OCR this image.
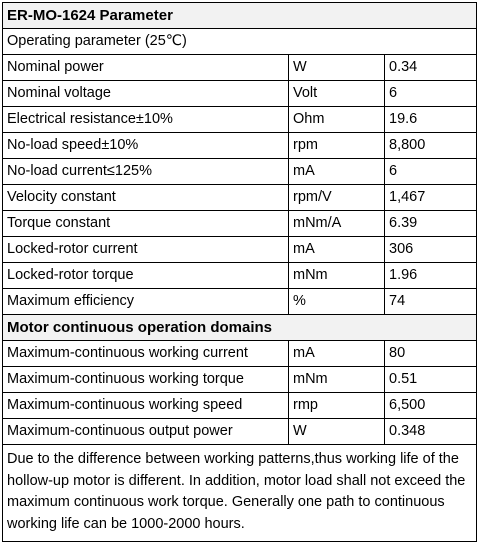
ER-MO-1624 Parameter		
Operating parameter (25℃)		
Nominal power	W	0.34
Nominal voltage	Volt	6
Electrical resistance±10%	Ohm	19.6
No-load speed±10%	rpm	8,800
No-load current≤125%	mA	6
Velocity constant	rpm/V	1,467
Torque constant	mNm/A	6.39
Locked-rotor current	mA	306
Locked-rotor torque	mNm	1.96
Maximum efficiency	%	74
Motor continuous operation domains		
Maximum-continuous working current	mA	80
Maximum-continuous working torque	mNm	0.51
Maximum-continuous working speed	rmp	6,500
Maximum-continuous output power	W	0.348
Due to the difference between working patterns,thus working life of the hollow-up motor is different. In addition, motor load shall not exceed the maximum continuous work torque. Generally one path to continuous working life can be 1000-2000 hours.		
